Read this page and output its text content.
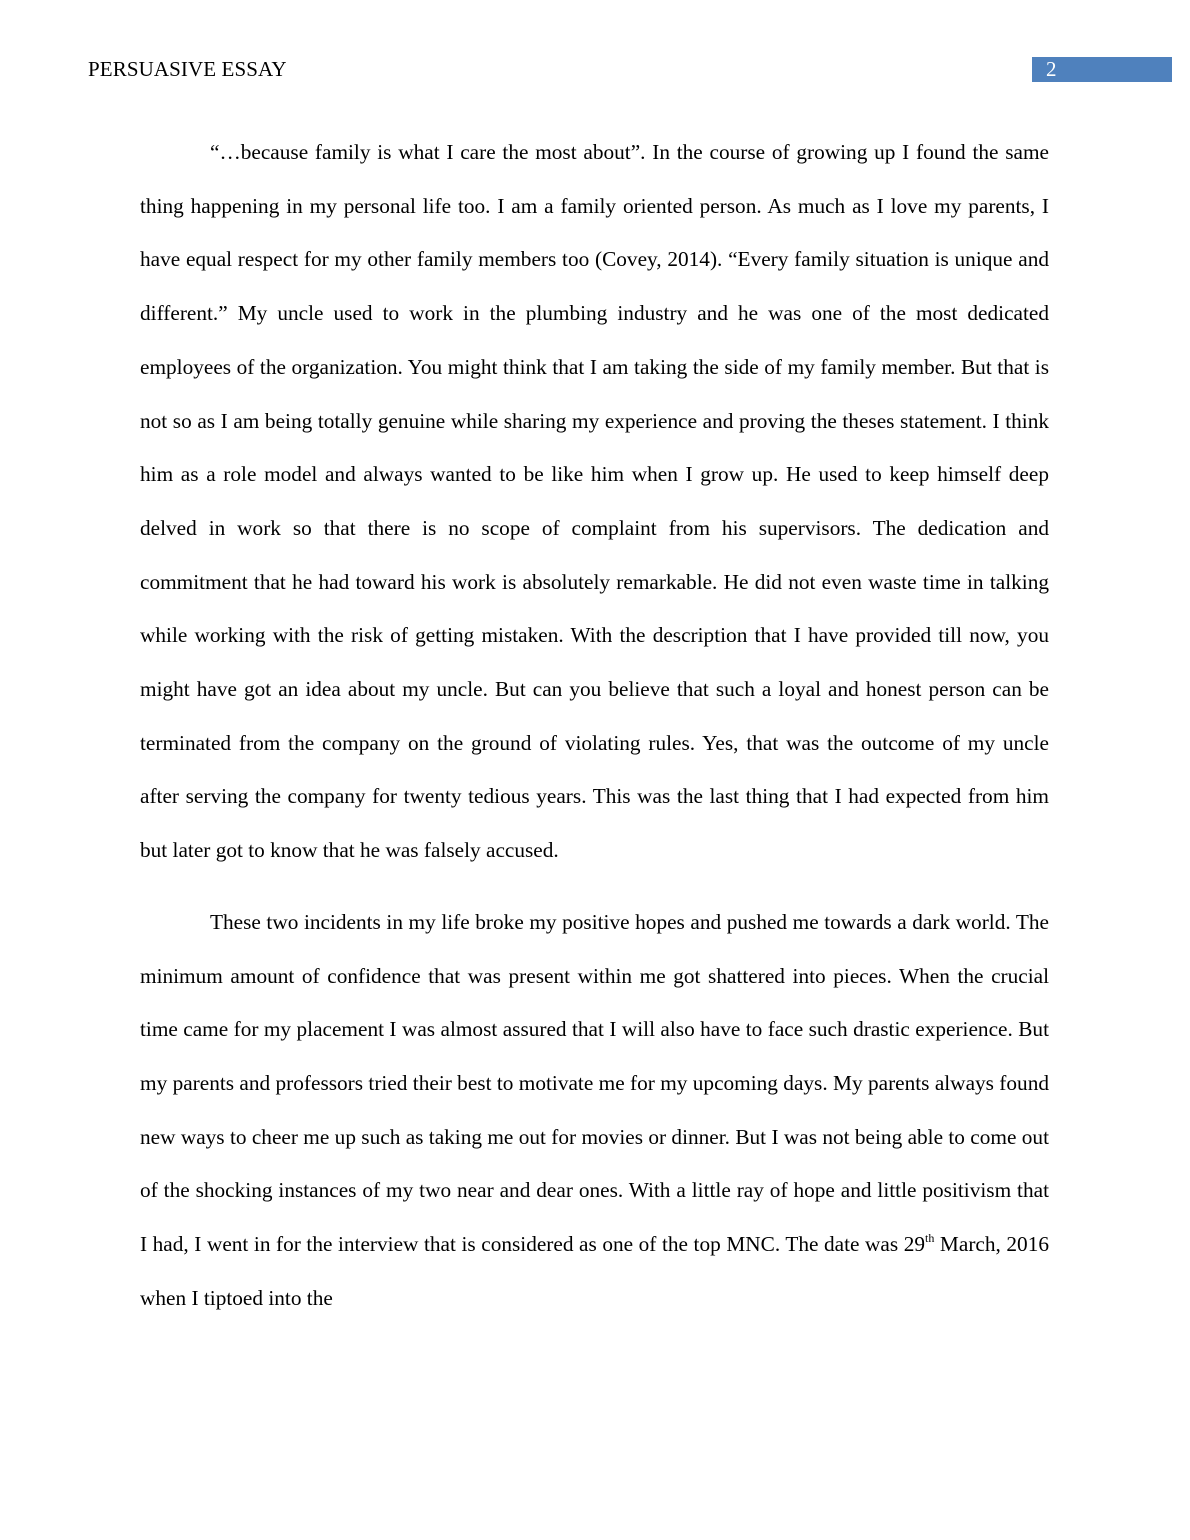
PERSUASIVE ESSAY	2

“…because family is what I care the most about”. In the course of growing up I found the same thing happening in my personal life too. I am a family oriented person. As much as I love my parents, I have equal respect for my other family members too (Covey, 2014). “Every family situation is unique and different.” My uncle used to work in the plumbing industry and he was one of the most dedicated employees of the organization. You might think that I am taking the side of my family member. But that is not so as I am being totally genuine while sharing my experience and proving the theses statement. I think him as a role model and always wanted to be like him when I grow up. He used to keep himself deep delved in work so that there is no scope of complaint from his supervisors. The dedication and commitment that he had toward his work is absolutely remarkable. He did not even waste time in talking while working with the risk of getting mistaken. With the description that I have provided till now, you might have got an idea about my uncle. But can you believe that such a loyal and honest person can be terminated from the company on the ground of violating rules. Yes, that was the outcome of my uncle after serving the company for twenty tedious years. This was the last thing that I had expected from him but later got to know that he was falsely accused.

These two incidents in my life broke my positive hopes and pushed me towards a dark world. The minimum amount of confidence that was present within me got shattered into pieces. When the crucial time came for my placement I was almost assured that I will also have to face such drastic experience. But my parents and professors tried their best to motivate me for my upcoming days. My parents always found new ways to cheer me up such as taking me out for movies or dinner. But I was not being able to come out of the shocking instances of my two near and dear ones. With a little ray of hope and little positivism that I had, I went in for the interview that is considered as one of the top MNC. The date was 29th March, 2016 when I tiptoed into the
